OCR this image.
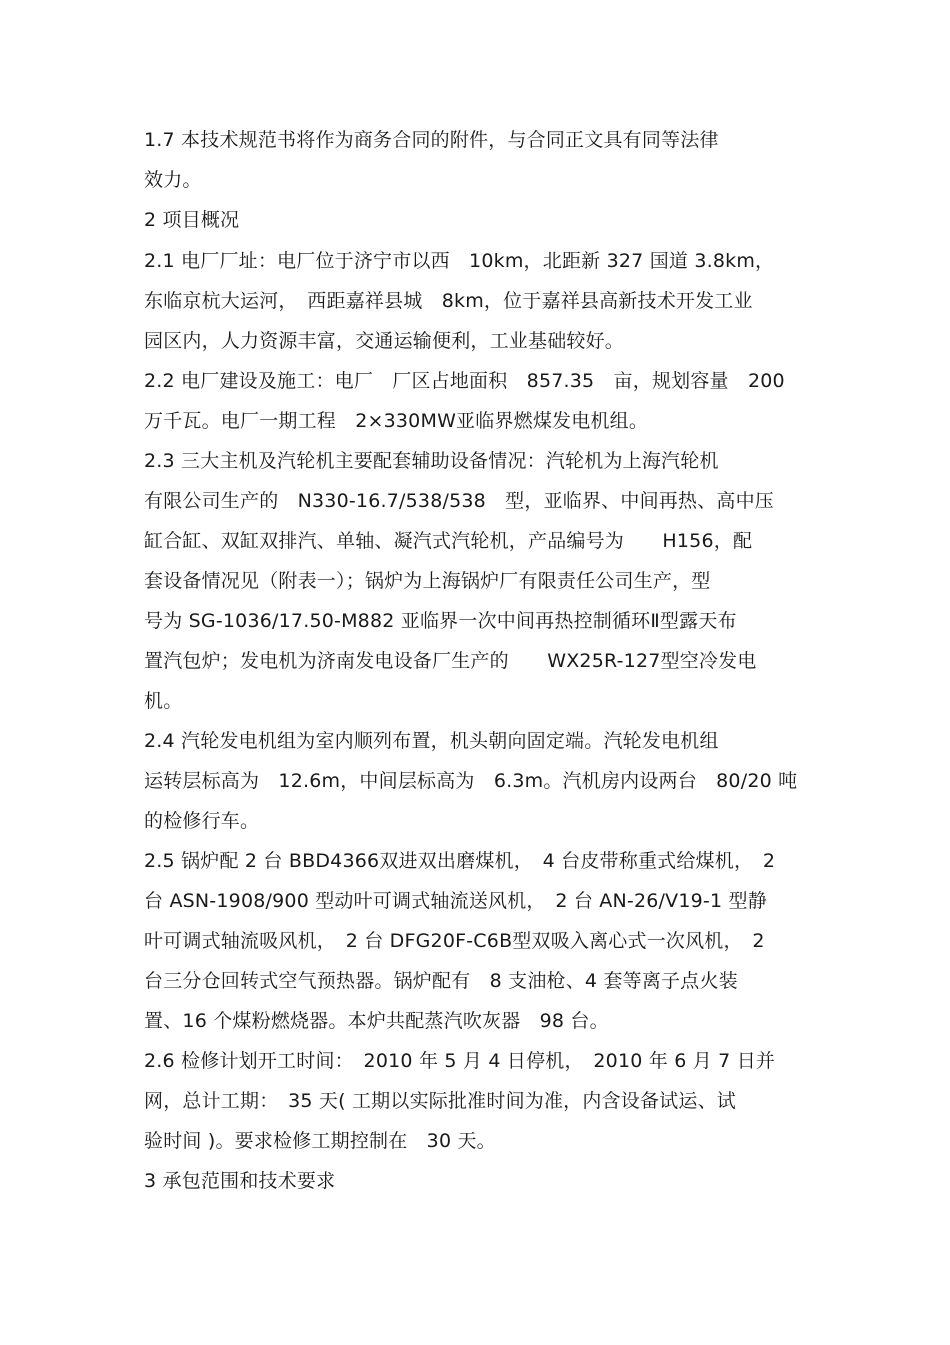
1.7 本技术规范书将作为商务合同的附件，与合同正文具有同等法律
效力。
2 项目概况
2.1 电厂厂址：电厂位于济宁市以西　10km，北距新 327 国道 3.8km，
东临京杭大运河，　西距嘉祥县城　8km，位于嘉祥县高新技术开发工业
园区内，人力资源丰富，交通运输便利，工业基础较好。
2.2 电厂建设及施工：电厂　厂区占地面积　857.35　亩，规划容量　200
万千瓦。电厂一期工程　2×330MW亚临界燃煤发电机组。
2.3 三大主机及汽轮机主要配套辅助设备情况：汽轮机为上海汽轮机
有限公司生产的　N330-16.7/538/538　型，亚临界、中间再热、高中压
缸合缸、双缸双排汽、单轴、凝汽式汽轮机，产品编号为　　H156，配
套设备情况见（附表一）；锅炉为上海锅炉厂有限责任公司生产，型
号为 SG-1036/17.50-M882 亚临界一次中间再热控制循环Ⅱ型露天布
置汽包炉；发电机为济南发电设备厂生产的　　WX25R-127型空冷发电
机。
2.4 汽轮发电机组为室内顺列布置，机头朝向固定端。汽轮发电机组
运转层标高为　12.6m，中间层标高为　6.3m。汽机房内设两台　80/20 吨
的检修行车。
2.5 锅炉配 2 台 BBD4366双进双出磨煤机，　4 台皮带称重式给煤机，　2
台 ASN-1908/900 型动叶可调式轴流送风机，　2 台 AN-26/V19-1 型静
叶可调式轴流吸风机，　2 台 DFG20F-C6B型双吸入离心式一次风机，　2
台三分仓回转式空气预热器。锅炉配有　8 支油枪、4 套等离子点火装
置、16 个煤粉燃烧器。本炉共配蒸汽吹灰器　98 台。
2.6 检修计划开工时间：　2010 年 5 月 4 日停机，　2010 年 6 月 7 日并
网，总计工期：　35 天( 工期以实际批准时间为准，内含设备试运、试
验时间 )。要求检修工期控制在　30 天。
3 承包范围和技术要求
